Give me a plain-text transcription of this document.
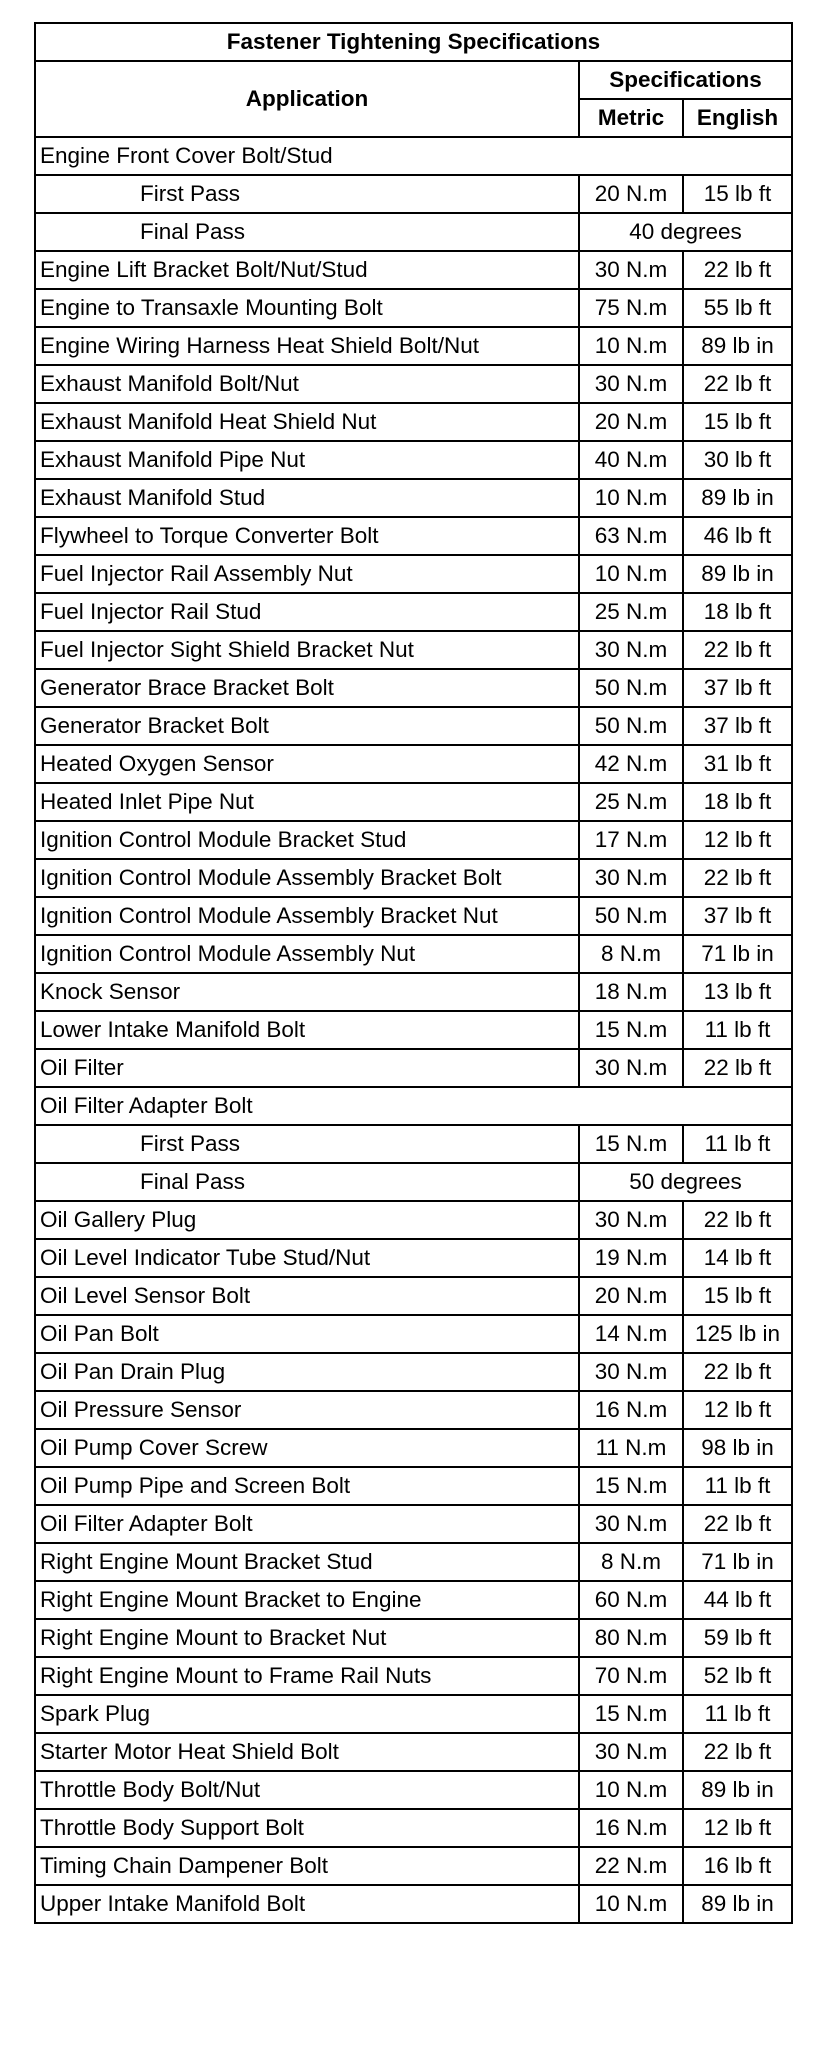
Fastener Tightening Specifications		
Application	Specifications	
	Metric	English
Engine Front Cover Bolt/Stud		
First Pass	20 N.m	15 lb ft
Final Pass	40 degrees	
Engine Lift Bracket Bolt/Nut/Stud	30 N.m	22 lb ft
Engine to Transaxle Mounting Bolt	75 N.m	55 lb ft
Engine Wiring Harness Heat Shield Bolt/Nut	10 N.m	89 lb in
Exhaust Manifold Bolt/Nut	30 N.m	22 lb ft
Exhaust Manifold Heat Shield Nut	20 N.m	15 lb ft
Exhaust Manifold Pipe Nut	40 N.m	30 lb ft
Exhaust Manifold Stud	10 N.m	89 lb in
Flywheel to Torque Converter Bolt	63 N.m	46 lb ft
Fuel Injector Rail Assembly Nut	10 N.m	89 lb in
Fuel Injector Rail Stud	25 N.m	18 lb ft
Fuel Injector Sight Shield Bracket Nut	30 N.m	22 lb ft
Generator Brace Bracket Bolt	50 N.m	37 lb ft
Generator Bracket Bolt	50 N.m	37 lb ft
Heated Oxygen Sensor	42 N.m	31 lb ft
Heated Inlet Pipe Nut	25 N.m	18 lb ft
Ignition Control Module Bracket Stud	17 N.m	12 lb ft
Ignition Control Module Assembly Bracket Bolt	30 N.m	22 lb ft
Ignition Control Module Assembly Bracket Nut	50 N.m	37 lb ft
Ignition Control Module Assembly Nut	8 N.m	71 lb in
Knock Sensor	18 N.m	13 lb ft
Lower Intake Manifold Bolt	15 N.m	11 lb ft
Oil Filter	30 N.m	22 lb ft
Oil Filter Adapter Bolt		
First Pass	15 N.m	11 lb ft
Final Pass	50 degrees	
Oil Gallery Plug	30 N.m	22 lb ft
Oil Level Indicator Tube Stud/Nut	19 N.m	14 lb ft
Oil Level Sensor Bolt	20 N.m	15 lb ft
Oil Pan Bolt	14 N.m	125 lb in
Oil Pan Drain Plug	30 N.m	22 lb ft
Oil Pressure Sensor	16 N.m	12 lb ft
Oil Pump Cover Screw	11 N.m	98 lb in
Oil Pump Pipe and Screen Bolt	15 N.m	11 lb ft
Oil Filter Adapter Bolt	30 N.m	22 lb ft
Right Engine Mount Bracket Stud	8 N.m	71 lb in
Right Engine Mount Bracket to Engine	60 N.m	44 lb ft
Right Engine Mount to Bracket Nut	80 N.m	59 lb ft
Right Engine Mount to Frame Rail Nuts	70 N.m	52 lb ft
Spark Plug	15 N.m	11 lb ft
Starter Motor Heat Shield Bolt	30 N.m	22 lb ft
Throttle Body Bolt/Nut	10 N.m	89 lb in
Throttle Body Support Bolt	16 N.m	12 lb ft
Timing Chain Dampener Bolt	22 N.m	16 lb ft
Upper Intake Manifold Bolt	10 N.m	89 lb in
